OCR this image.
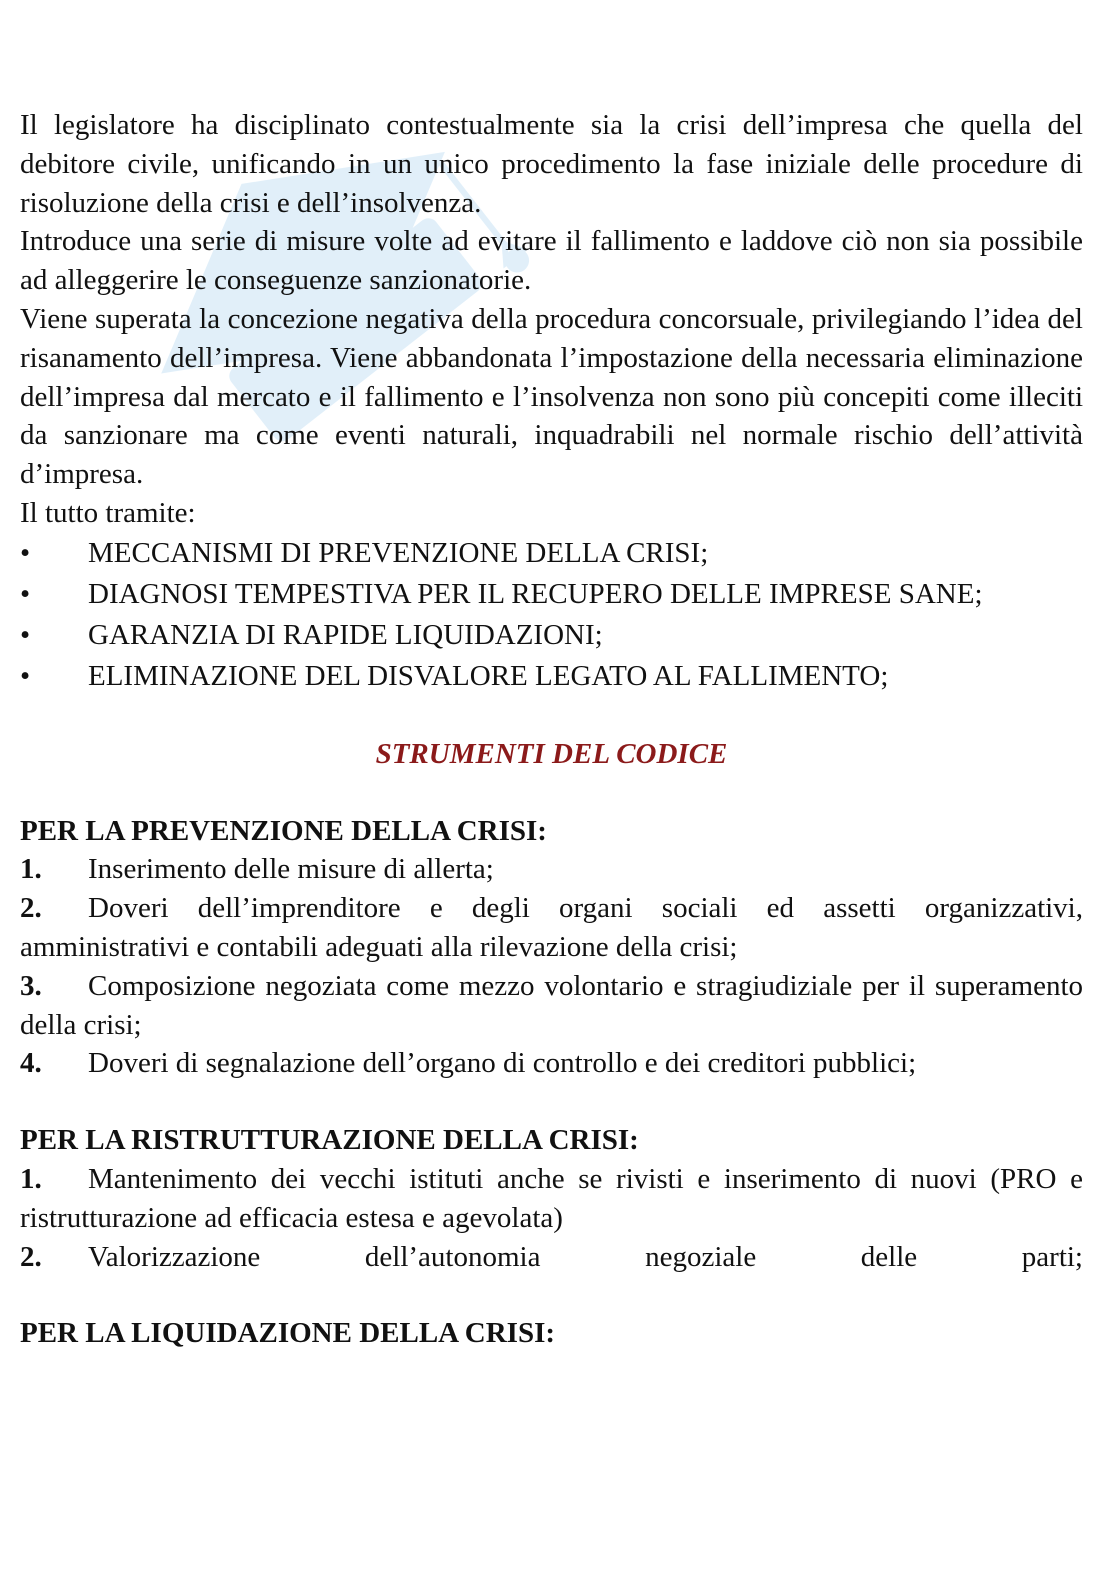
Il legislatore ha disciplinato contestualmente sia la crisi dell’impresa che quella del debitore civile, unificando in un unico procedimento la fase iniziale delle procedure di risoluzione della crisi e dell’insolvenza.

Introduce una serie di misure volte ad evitare il fallimento e laddove ciò non sia possibile ad alleggerire le conseguenze sanzionatorie.

Viene superata la concezione negativa della procedura concorsuale, privilegiando l’idea del risanamento dell’impresa. Viene abbandonata l’impostazione della necessaria eliminazione dell’impresa dal mercato e il fallimento e l’insolvenza non sono più concepiti come illeciti da sanzionare ma come eventi naturali, inquadrabili nel normale rischio dell’attività d’impresa.

Il tutto tramite:

• MECCANISMI DI PREVENZIONE DELLA CRISI;

• DIAGNOSI TEMPESTIVA PER IL RECUPERO DELLE IMPRESE SANE;

• GARANZIA DI RAPIDE LIQUIDAZIONI;

• ELIMINAZIONE DEL DISVALORE LEGATO AL FALLIMENTO;

STRUMENTI DEL CODICE

PER LA PREVENZIONE DELLA CRISI:

1. Inserimento delle misure di allerta;

2. Doveri dell’imprenditore e degli organi sociali ed assetti organizzativi, amministrativi e contabili adeguati alla rilevazione della crisi;

3. Composizione negoziata come mezzo volontario e stragiudiziale per il superamento della crisi;

4. Doveri di segnalazione dell’organo di controllo e dei creditori pubblici;

PER LA RISTRUTTURAZIONE DELLA CRISI:

1. Mantenimento dei vecchi istituti anche se rivisti e inserimento di nuovi (PRO e ristrutturazione ad efficacia estesa e agevolata)

2. Valorizzazione dell’autonomia negoziale delle parti;

PER LA LIQUIDAZIONE DELLA CRISI:
